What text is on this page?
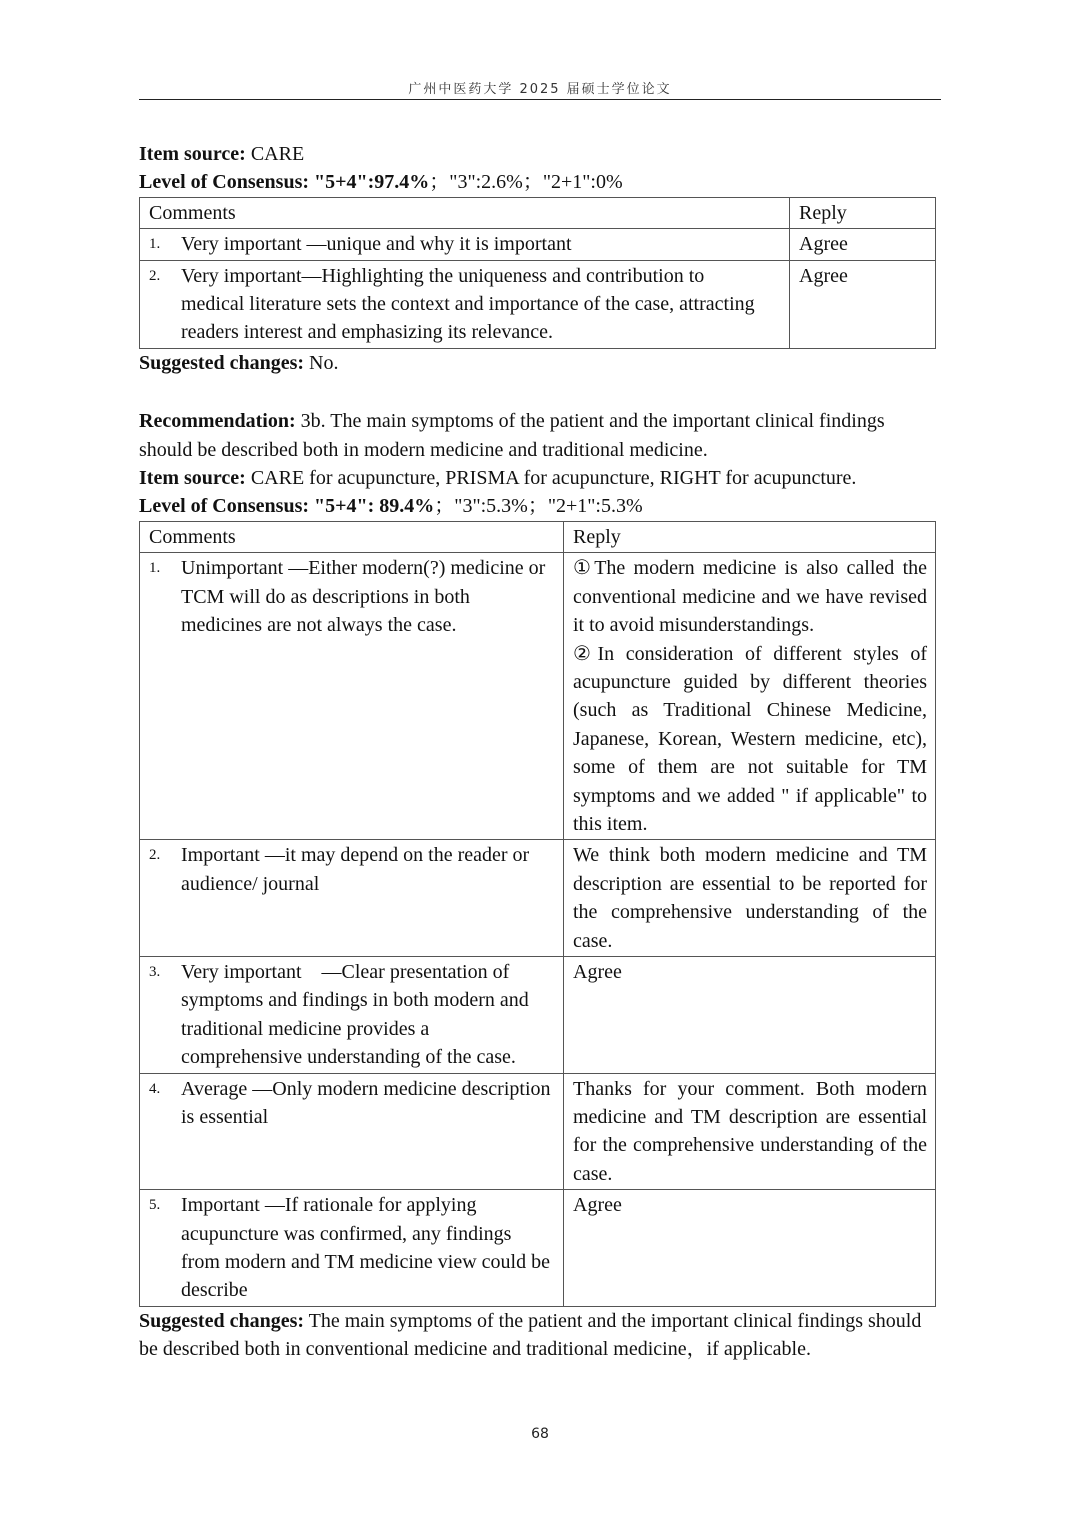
广州中医药大学 2025 届硕士学位论文

Item source: CARE

Level of Consensus: "5+4":97.4%；"3":2.6%；"2+1":0%

Comments	Reply
1. Very important —unique and why it is important	Agree
2. Very important—Highlighting the uniqueness and contribution to medical literature sets the context and importance of the case, attracting readers interest and emphasizing its relevance.	Agree

Suggested changes: No.

Recommendation: 3b. The main symptoms of the patient and the important clinical findings should be described both in modern medicine and traditional medicine.

Item source: CARE for acupuncture, PRISMA for acupuncture, RIGHT for acupuncture.

Level of Consensus: "5+4": 89.4%；"3":5.3%；"2+1":5.3%

Comments	Reply
1. Unimportant —Either modern(?) medicine or TCM will do as descriptions in both medicines are not always the case.	①The modern medicine is also called the conventional medicine and we have revised it to avoid misunderstandings.
②In consideration of different styles of acupuncture guided by different theories (such as Traditional Chinese Medicine, Japanese, Korean, Western medicine, etc), some of them are not suitable for TM symptoms and we added " if applicable" to this item.

2. Important —it may depend on the reader or audience/ journal	We think both modern medicine and TM description are essential to be reported for the comprehensive understanding of the case.
3. Very important    —Clear presentation of symptoms and findings in both modern and traditional medicine provides a comprehensive understanding of the case.	Agree
4. Average —Only modern medicine description is essential	Thanks for your comment. Both modern medicine and TM description are essential for the comprehensive understanding of the case.
5. Important —If rationale for applying acupuncture was confirmed, any findings from modern and TM medicine view could be describe	Agree

Suggested changes: The main symptoms of the patient and the important clinical findings should be described both in conventional medicine and traditional medicine，if applicable.

68
